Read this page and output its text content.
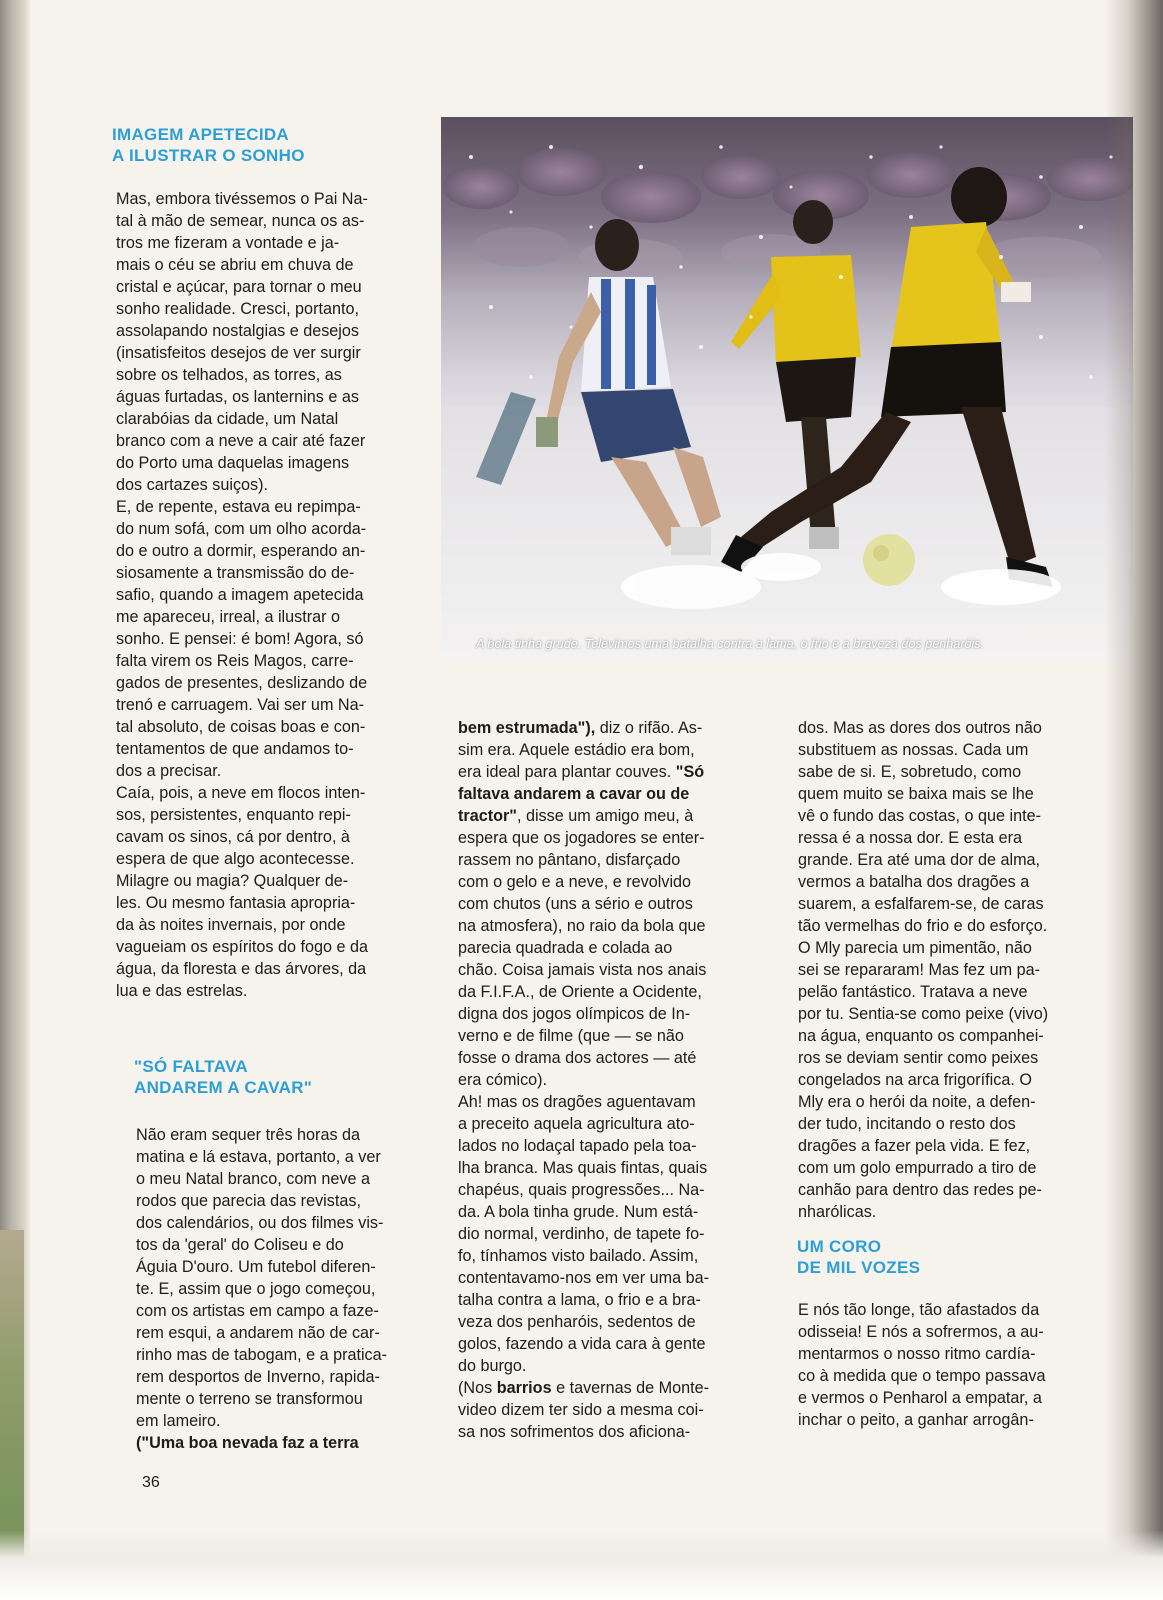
IMAGEM APETECIDA
A ILUSTRAR O SONHO
Mas, embora tivéssemos o Pai Na-
tal à mão de semear, nunca os as-
tros me fizeram a vontade e ja-
mais o céu se abriu em chuva de
cristal e açúcar, para tornar o meu
sonho realidade. Cresci, portanto,
assolapando nostalgias e desejos
(insatisfeitos desejos de ver surgir
sobre os telhados, as torres, as
águas furtadas, os lanternins e as
clarabóias da cidade, um Natal
branco com a neve a cair até fazer
do Porto uma daquelas imagens
dos cartazes suiços).
E, de repente, estava eu repimpa-
do num sofá, com um olho acorda-
do e outro a dormir, esperando an-
siosamente a transmissão do de-
safio, quando a imagem apetecida
me apareceu, irreal, a ilustrar o
sonho. E pensei: é bom! Agora, só
falta virem os Reis Magos, carre-
gados de presentes, deslizando de
trenó e carruagem. Vai ser um Na-
tal absoluto, de coisas boas e con-
tentamentos de que andamos to-
dos a precisar.
Caía, pois, a neve em flocos inten-
sos, persistentes, enquanto repi-
cavam os sinos, cá por dentro, à
espera de que algo acontecesse.
Milagre ou magia? Qualquer de-
les. Ou mesmo fantasia apropria-
da às noites invernais, por onde
vagueiam os espíritos do fogo e da
água, da floresta e das árvores, da
lua e das estrelas.
"SÓ FALTAVA
ANDAREM A CAVAR"
Não eram sequer três horas da
matina e lá estava, portanto, a ver
o meu Natal branco, com neve a
rodos que parecia das revistas,
dos calendários, ou dos filmes vis-
tos da 'geral' do Coliseu e do
Águia D'ouro. Um futebol diferen-
te. E, assim que o jogo começou,
com os artistas em campo a faze-
rem esqui, a andarem não de car-
rinho mas de tabogam, e a pratica-
rem desportos de Inverno, rapida-
mente o terreno se transformou
em lameiro.
("Uma boa nevada faz a terra
A bola tinha grude. Televimos uma batalha contra a lama, o frio e a braveza dos penharóis.
bem estrumada"), diz o rifão. As-
sim era. Aquele estádio era bom,
era ideal para plantar couves. "Só
faltava andarem a cavar ou de
tractor", disse um amigo meu, à
espera que os jogadores se enter-
rassem no pântano, disfarçado
com o gelo e a neve, e revolvido
com chutos (uns a sério e outros
na atmosfera), no raio da bola que
parecia quadrada e colada ao
chão. Coisa jamais vista nos anais
da F.I.F.A., de Oriente a Ocidente,
digna dos jogos olímpicos de In-
verno e de filme (que — se não
fosse o drama dos actores — até
era cómico).
Ah! mas os dragões aguentavam
a preceito aquela agricultura ato-
lados no lodaçal tapado pela toa-
lha branca. Mas quais fintas, quais
chapéus, quais progressões... Na-
da. A bola tinha grude. Num está-
dio normal, verdinho, de tapete fo-
fo, tínhamos visto bailado. Assim,
contentavamo-nos em ver uma ba-
talha contra a lama, o frio e a bra-
veza dos penharóis, sedentos de
golos, fazendo a vida cara à gente
do burgo.
(Nos barrios e tavernas de Monte-
video dizem ter sido a mesma coi-
sa nos sofrimentos dos aficiona-
dos. Mas as dores dos outros não
substituem as nossas. Cada um
sabe de si. E, sobretudo, como
quem muito se baixa mais se lhe
vê o fundo das costas, o que inte-
ressa é a nossa dor. E esta era
grande. Era até uma dor de alma,
vermos a batalha dos dragões a
suarem, a esfalfarem-se, de caras
tão vermelhas do frio e do esforço.
O Mly parecia um pimentão, não
sei se repararam! Mas fez um pa-
pelão fantástico. Tratava a neve
por tu. Sentia-se como peixe (vivo)
na água, enquanto os companhei-
ros se deviam sentir como peixes
congelados na arca frigorífica. O
Mly era o herói da noite, a defen-
der tudo, incitando o resto dos
dragões a fazer pela vida. E fez,
com um golo empurrado a tiro de
canhão para dentro das redes pe-
nharólicas.
UM CORO
DE MIL VOZES
E nós tão longe, tão afastados da
odisseia! E nós a sofrermos, a au-
mentarmos o nosso ritmo cardía-
co à medida que o tempo passava
e vermos o Penharol a empatar, a
inchar o peito, a ganhar arrogân-
36
